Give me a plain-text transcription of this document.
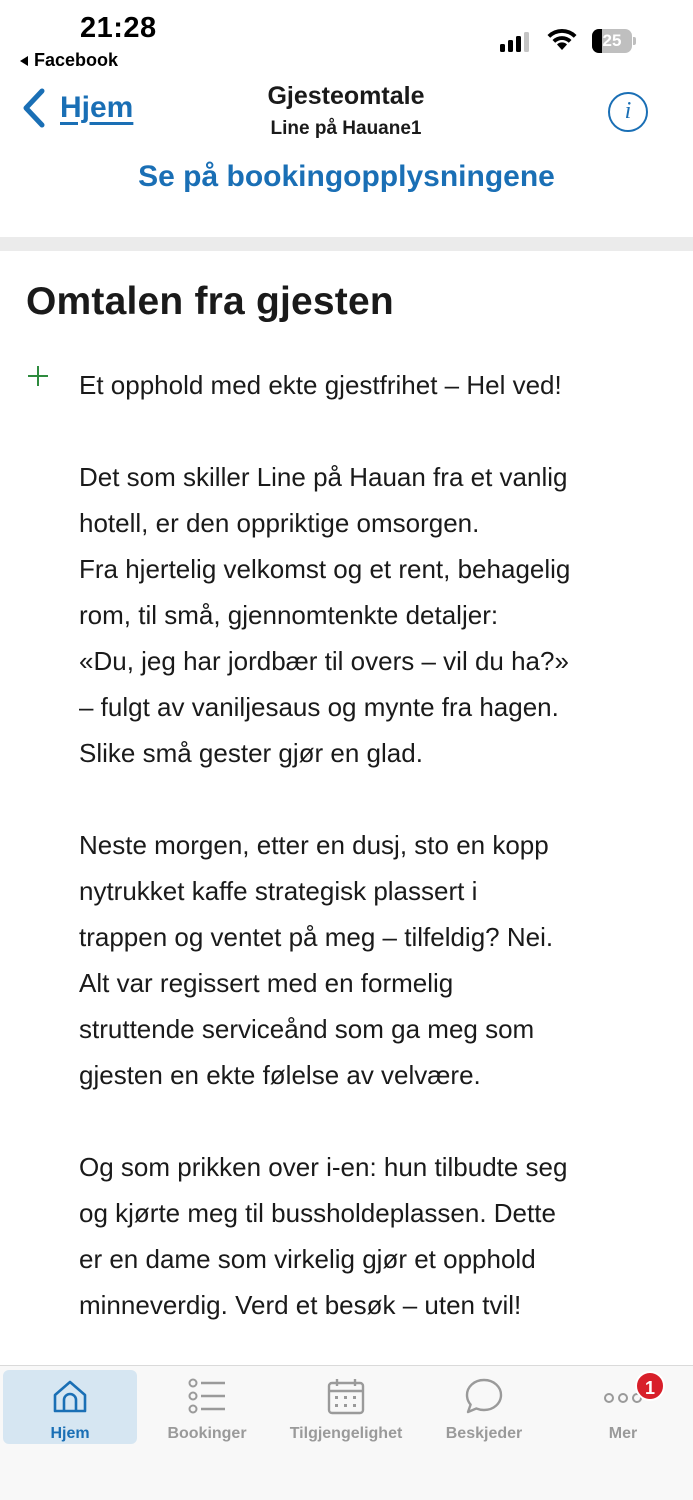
21:28
Facebook
25
Hjem	Gjesteomtale
Line på Hauane1
i
Se på bookingopplysningene
Omtalen fra gjesten

Et opphold med ekte gjestfrihet – Hel ved!

Det som skiller Line på Hauan fra et vanlig
hotell, er den oppriktige omsorgen.
Fra hjertelig velkomst og et rent, behagelig
rom, til små, gjennomtenkte detaljer:
«Du, jeg har jordbær til overs – vil du ha?»
– fulgt av vaniljesaus og mynte fra hagen.
Slike små gester gjør en glad.

Neste morgen, etter en dusj, sto en kopp
nytrukket kaffe strategisk plassert i
trappen og ventet på meg – tilfeldig? Nei.
Alt var regissert med en formelig
struttende serviceånd som ga meg som
gjesten en ekte følelse av velvære.

Og som prikken over i-en: hun tilbudte seg
og kjørte meg til bussholdeplassen. Dette
er en dame som virkelig gjør et opphold
minneverdig. Verd et besøk – uten tvil!

Hjem	Bookinger	Tilgjengelighet	Beskjeder	Mer
1
